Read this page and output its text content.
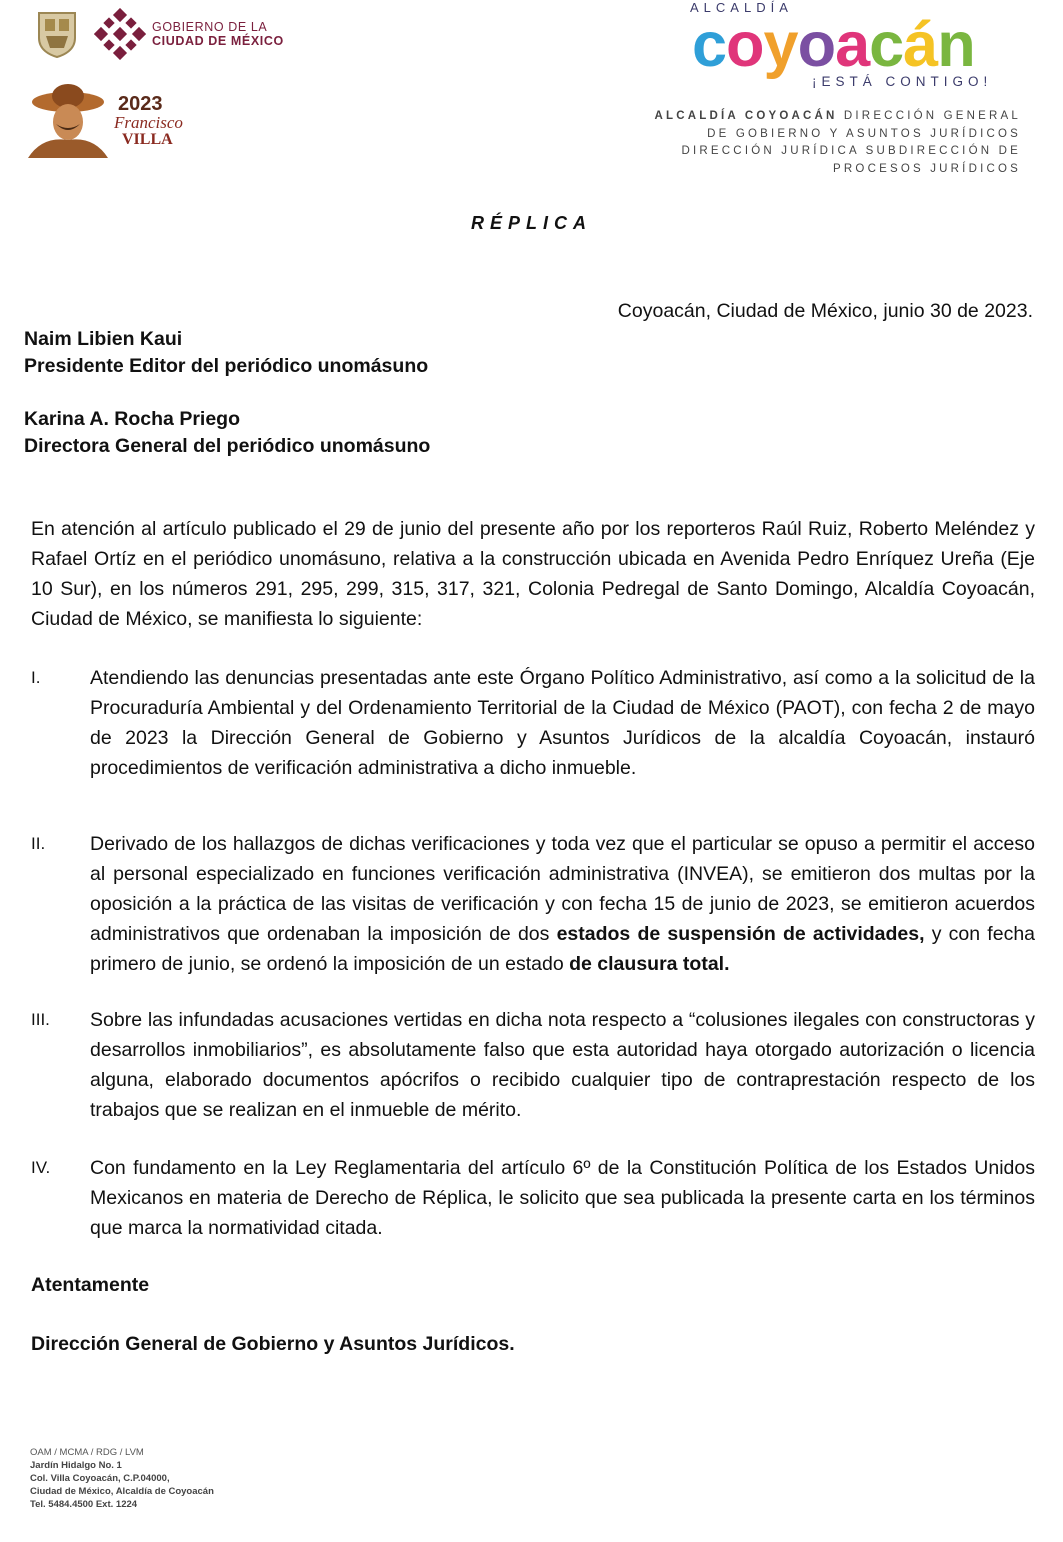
GOBIERNO DE LA
CIUDAD DE MÉXICO
2023
Francisco
VILLA
ALCALDÍA
coyoacán
¡ESTÁ CONTIGO!
ALCALDÍA COYOACÁN DIRECCIÓN GENERAL
DE GOBIERNO Y ASUNTOS JURÍDICOS
DIRECCIÓN JURÍDICA SUBDIRECCIÓN DE
PROCESOS JURÍDICOS
RÉPLICA
Coyoacán, Ciudad de México, junio 30 de 2023.
Naim Libien Kaui
Presidente Editor del periódico unomásuno
Karina A. Rocha Priego
Directora General del periódico unomásuno

En atención al artículo publicado el 29 de junio del presente año por los reporteros Raúl Ruiz, Roberto Meléndez y Rafael Ortíz en el periódico unomásuno, relativa a la construcción ubicada en Avenida Pedro Enríquez Ureña (Eje 10 Sur), en los números 291, 295, 299, 315, 317, 321, Colonia Pedregal de Santo Domingo, Alcaldía Coyoacán, Ciudad de México, se manifiesta lo siguiente:

I.	Atendiendo las denuncias presentadas ante este Órgano Político Administrativo, así como a la solicitud de la Procuraduría Ambiental y del Ordenamiento Territorial de la Ciudad de México (PAOT), con fecha 2 de mayo de 2023 la Dirección General de Gobierno y Asuntos Jurídicos de la alcaldía Coyoacán, instauró procedimientos de verificación administrativa a dicho inmueble.
II.	Derivado de los hallazgos de dichas verificaciones y toda vez que el particular se opuso a permitir el acceso al personal especializado en funciones verificación administrativa (INVEA), se emitieron dos multas por la oposición a la práctica de las visitas de verificación y con fecha 15 de junio de 2023, se emitieron acuerdos administrativos que ordenaban la imposición de dos estados de suspensión de actividades, y con fecha primero de junio, se ordenó la imposición de un estado de clausura total.
III.	Sobre las infundadas acusaciones vertidas en dicha nota respecto a “colusiones ilegales con constructoras y desarrollos inmobiliarios”, es absolutamente falso que esta autoridad haya otorgado autorización o licencia alguna, elaborado documentos apócrifos o recibido cualquier tipo de contraprestación respecto de los trabajos que se realizan en el inmueble de mérito.
IV.	Con fundamento en la Ley Reglamentaria del artículo 6º de la Constitución Política de los Estados Unidos Mexicanos en materia de Derecho de Réplica, le solicito que sea publicada la presente carta en los términos que marca la normatividad citada.
Atentamente
Dirección General de Gobierno y Asuntos Jurídicos.
OAM / MCMA / RDG / LVM
Jardín Hidalgo No. 1
Col. Villa Coyoacán, C.P.04000,
Ciudad de México, Alcaldía de Coyoacán
Tel. 5484.4500 Ext. 1224
